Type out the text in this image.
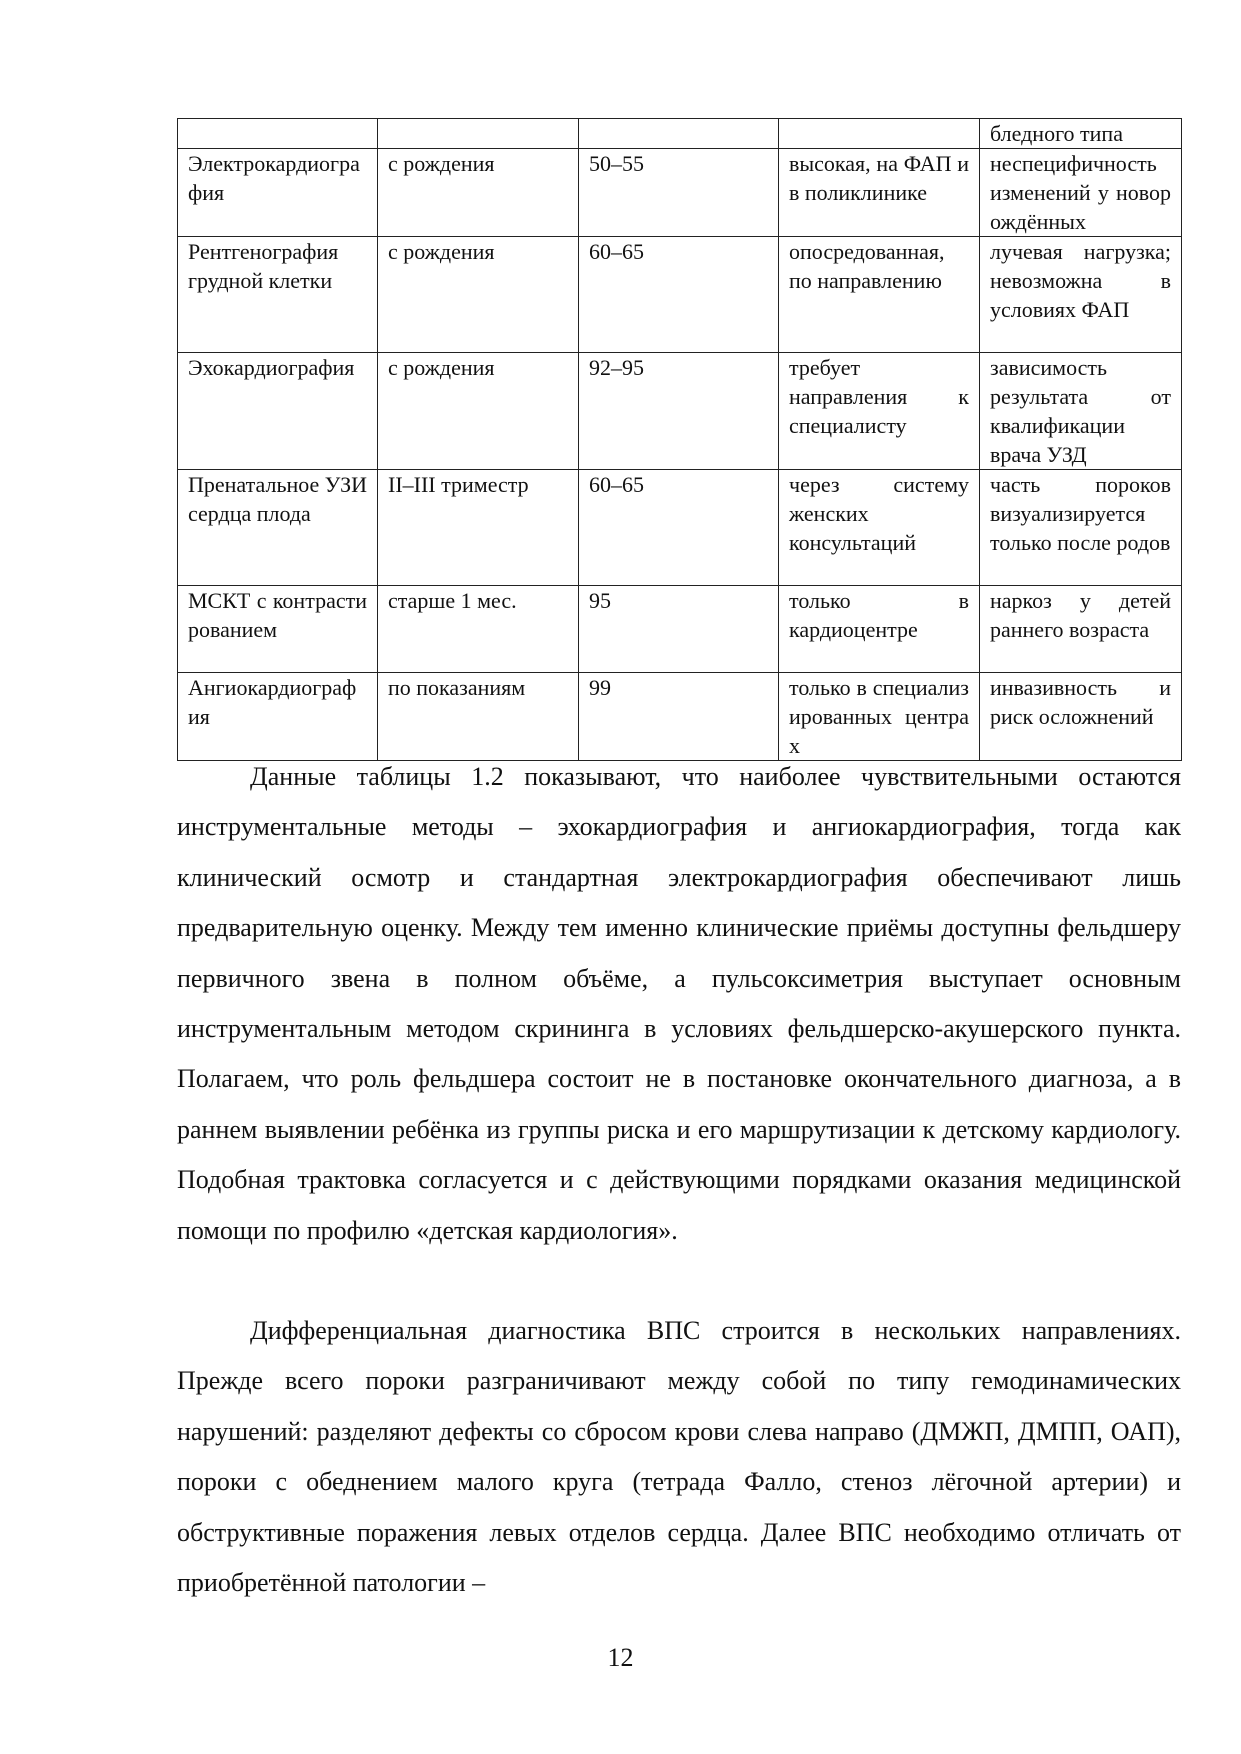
				бледного типа
Электрокардиография	с рождения	50–55	высокая, на ФАП и в поликлинике	неспецифичность изменений у новорождённых
Рентгенография грудной клетки	с рождения	60–65	опосредованная, по направлению	лучевая нагрузка; невозможна в условиях ФАП
Эхокардиография	с рождения	92–95	требует направления к специалисту	зависимость результата от квалификации врача УЗД
Пренатальное УЗИ сердца плода	II–III триместр	60–65	через систему женских консультаций	часть пороков визуализируется только после родов
МСКТ с контрастированием	старше 1 мес.	95	только в кардиоцентре	наркоз у детей раннего возраста
Ангиокардиография	по показаниям	99	только в специализированных центрах	инвазивность и риск осложнений

Данные таблицы 1.2 показывают, что наиболее чувствительными остаются инструментальные методы – эхокардиография и ангиокардиография, тогда как клинический осмотр и стандартная электрокардиография обеспечивают лишь предварительную оценку. Между тем именно клинические приёмы доступны фельдшеру первичного звена в полном объёме, а пульсоксиметрия выступает основным инструментальным методом скрининга в условиях фельдшерско-акушерского пункта. Полагаем, что роль фельдшера состоит не в постановке окончательного диагноза, а в раннем выявлении ребёнка из группы риска и его маршрутизации к детскому кардиологу. Подобная трактовка согласуется и с действующими порядками оказания медицинской помощи по профилю «детская кардиология».

Дифференциальная диагностика ВПС строится в нескольких направлениях. Прежде всего пороки разграничивают между собой по типу гемодинамических нарушений: разделяют дефекты со сбросом крови слева направо (ДМЖП, ДМПП, ОАП), пороки с обеднением малого круга (тетрада Фалло, стеноз лёгочной артерии) и обструктивные поражения левых отделов сердца. Далее ВПС необходимо отличать от приобретённой патологии –

12
